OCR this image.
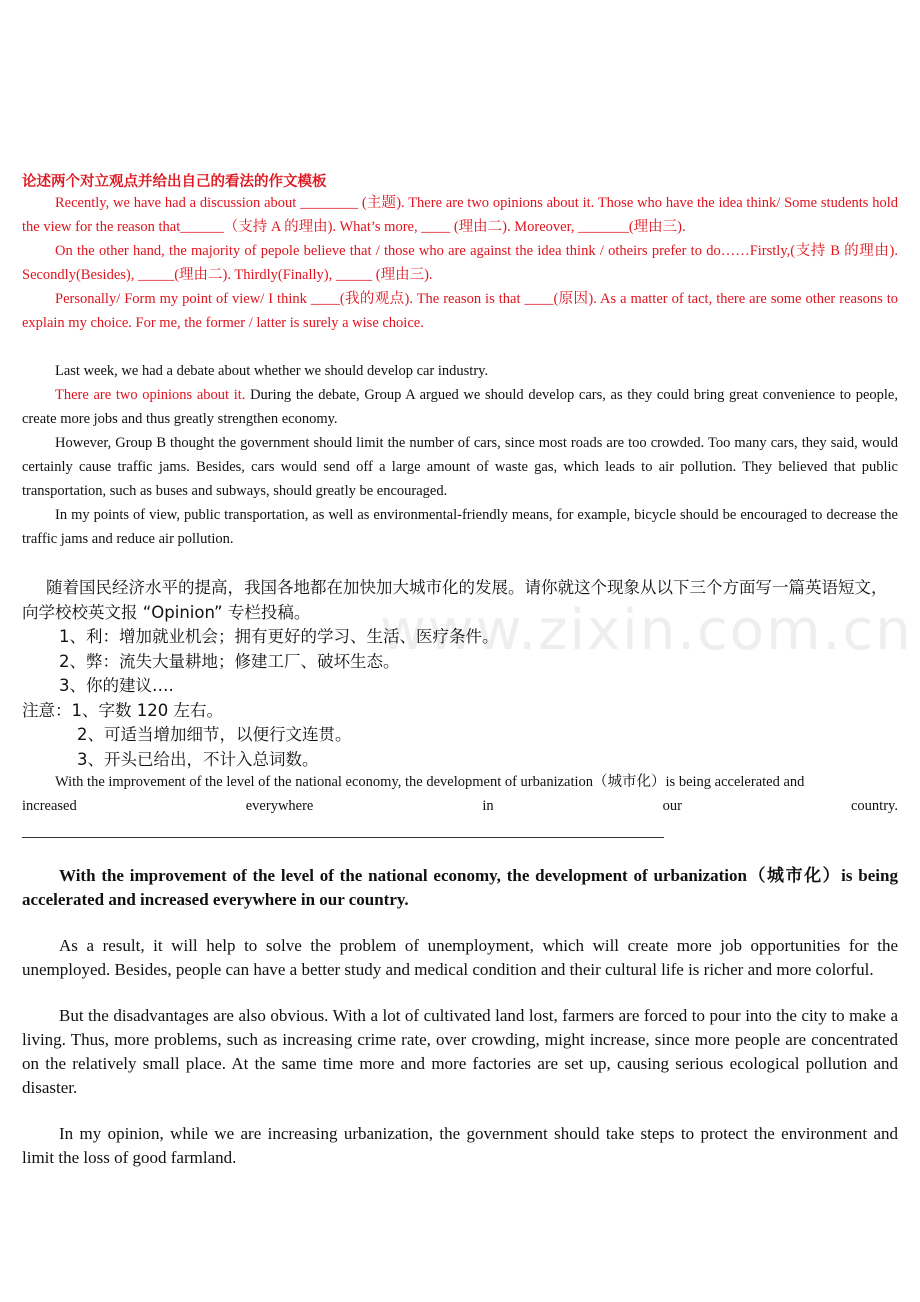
www.zixin.com.cn
论述两个对立观点并给出自己的看法的作文模板

Recently, we have had a discussion about ________ (主题). There are two opinions about it. Those who have the idea think/ Some students hold the view for the reason that______（支持 A 的理由). What’s more, ____ (理由二). Moreover, _______(理由三).

On the other hand, the majority of pepole believe that / those who are against the idea think / otheirs prefer to do……Firstly,(支持 B 的理由). Secondly(Besides), _____(理由二). Thirdly(Finally), _____ (理由三).

Personally/ Form my point of view/ I think ____(我的观点). The reason is that ____(原因). As a matter of tact, there are some other reasons to explain my choice. For me, the former / latter is surely a wise choice.

Last week, we had a debate about whether we should develop car industry.

There are two opinions about it. During the debate, Group A argued we should develop cars, as they could bring great convenience to people, create more jobs and thus greatly strengthen economy.

However, Group B thought the government should limit the number of cars, since most roads are too crowded. Too many cars, they said, would certainly cause traffic jams. Besides, cars would send off a large amount of waste gas, which leads to air pollution. They believed that public transportation, such as buses and subways, should greatly be encouraged.

In my points of view, public transportation, as well as environmental-friendly means, for example, bicycle should be encouraged to decrease the traffic jams and reduce air pollution.

随着国民经济水平的提高，我国各地都在加快加大城市化的发展。请你就这个现象从以下三个方面写一篇英语短文，向学校校英文报 “Opinion” 专栏投稿。

1、利：增加就业机会；拥有更好的学习、生活、医疗条件。

2、弊：流失大量耕地；修建工厂、破坏生态。

3、你的建议….

注意：1、字数 120 左右。

2、可适当增加细节，以便行文连贯。

3、开头已给出，不计入总词数。

With the improvement of the level of the national economy, the development of urbanization（城市化）is being accelerated and

increased	everywhere	in	our	country.

With the improvement of the level of the national economy, the development of urbanization（城市化）is being accelerated and increased everywhere in our country.

As a result, it will help to solve the problem of unemployment, which will create more job opportunities for the unemployed. Besides, people can have a better study and medical condition and their cultural life is richer and more colorful.

But the disadvantages are also obvious. With a lot of cultivated land lost, farmers are forced to pour into the city to make a living. Thus, more problems, such as increasing crime rate, over crowding, might increase, since more people are concentrated on the relatively small place. At the same time more and more factories are set up, causing serious ecological pollution and disaster.

In my opinion, while we are increasing urbanization, the government should take steps to protect the environment and limit the loss of good farmland.
